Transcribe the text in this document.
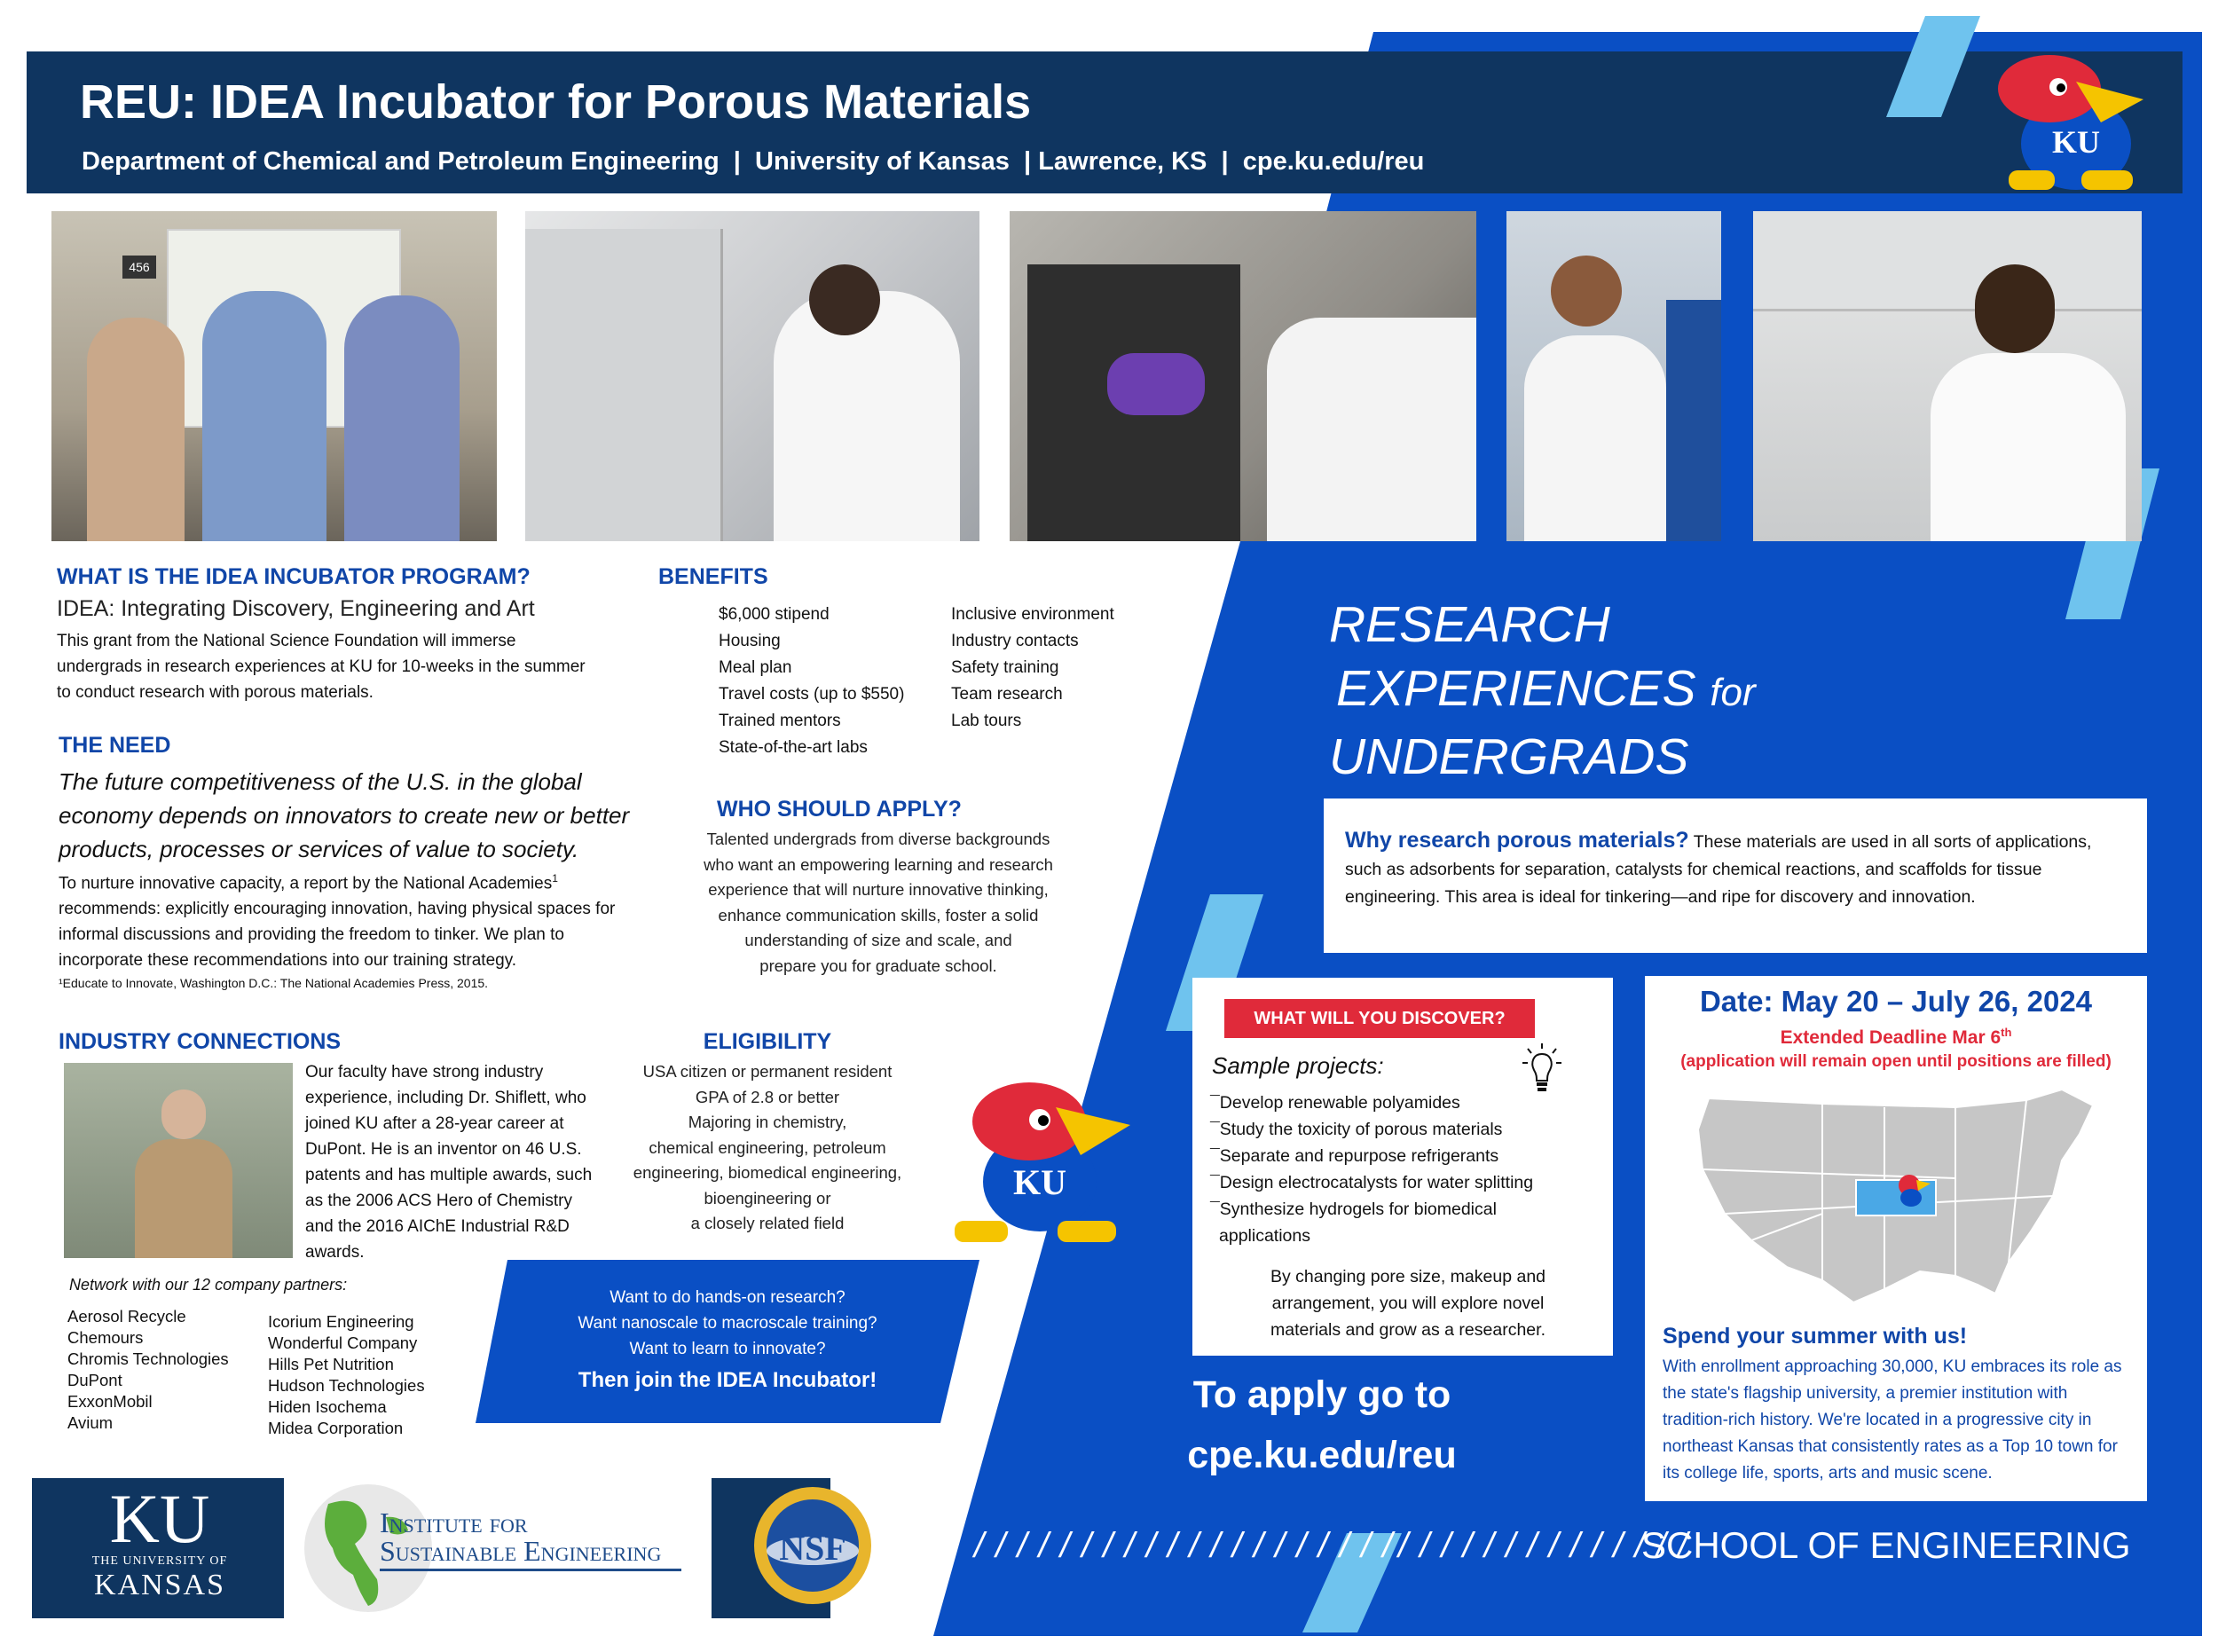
REU: IDEA Incubator for Porous Materials
Department of Chemical and Petroleum Engineering  |  University of Kansas  | Lawrence, KS  |  cpe.ku.edu/reu
KU
456
WHAT IS THE IDEA INCUBATOR PROGRAM?
IDEA: Integrating Discovery, Engineering and Art
This grant from the National Science Foundation will immerse undergrads in research experiences at KU for 10-weeks in the summer to conduct research with porous materials.
THE NEED
The future competitiveness of the U.S. in the global economy depends on innovators to create new or better products, processes or services of value to society.
To nurture innovative capacity, a report by the National Academies$^1$ recommends: explicitly encouraging innovation, having physical spaces for informal discussions and providing the freedom to tinker. We plan to incorporate these recommendations into our training strategy.
¹Educate to Innovate, Washington D.C.: The National Academies Press, 2015.
BENEFITS
$6,000 stipend
Housing
Meal plan
Travel costs (up to $550)
Trained mentors
State-of-the-art labs
Inclusive environment
Industry contacts
Safety training
Team research
Lab tours
WHO SHOULD APPLY?
Talented undergrads from diverse backgrounds
who want an empowering learning and research
experience that will nurture innovative thinking,
enhance communication skills, foster a solid
understanding of size and scale, and
prepare you for graduate school.
INDUSTRY CONNECTIONS
Our faculty have strong industry experience, including Dr. Shiflett, who joined KU after a 28-year career at DuPont. He is an inventor on 46 U.S. patents and has multiple awards, such as the 2006 ACS Hero of Chemistry and the 2016 AIChE Industrial R&D awards.
Network with our 12 company partners:
Aerosol Recycle
Chemours
Chromis Technologies
DuPont
ExxonMobil
Avium
Icorium Engineering
Wonderful Company
Hills Pet Nutrition
Hudson Technologies
Hiden Isochema
Midea Corporation
ELIGIBILITY
USA citizen or permanent resident
GPA of 2.8 or better
Majoring in chemistry,
chemical engineering, petroleum
engineering, biomedical engineering,
bioengineering or
a closely related field
KU
Want to do hands-on research?
Want nanoscale to macroscale training?
Want to learn to innovate?
Then join the IDEA Incubator!
RESEARCH
EXPERIENCES for
UNDERGRADS
Why research porous materials? These materials are used in all sorts of applications, such as adsorbents for separation, catalysts for chemical reactions, and scaffolds for tissue engineering. This area is ideal for tinkering—and ripe for discovery and innovation.
WHAT WILL YOU DISCOVER?
Sample projects:
¯Develop renewable polyamides
¯Study the toxicity of porous materials
¯Separate and repurpose refrigerants
¯Design electrocatalysts for water splitting
¯Synthesize hydrogels for biomedical applications
By changing pore size, makeup and arrangement, you will explore novel materials and grow as a researcher.
Date: May 20 – July 26, 2024
Extended Deadline Mar 6th
(application will remain open until positions are filled)
Spend your summer with us!
With enrollment approaching 30,000, KU embraces its role as the state's flagship university, a premier institution with tradition-rich history. We're located in a progressive city in northeast Kansas that consistently rates as a Top 10 town for its college life, sports, arts and music scene.
To apply go to
cpe.ku.edu/reu
KU
THE UNIVERSITY OF
KANSAS
Institute for
Sustainable Engineering	NSF	/ / / / / / / / / / / / / / / / / / / / / / / / / / / / / / / / / /
SCHOOL OF ENGINEERING
